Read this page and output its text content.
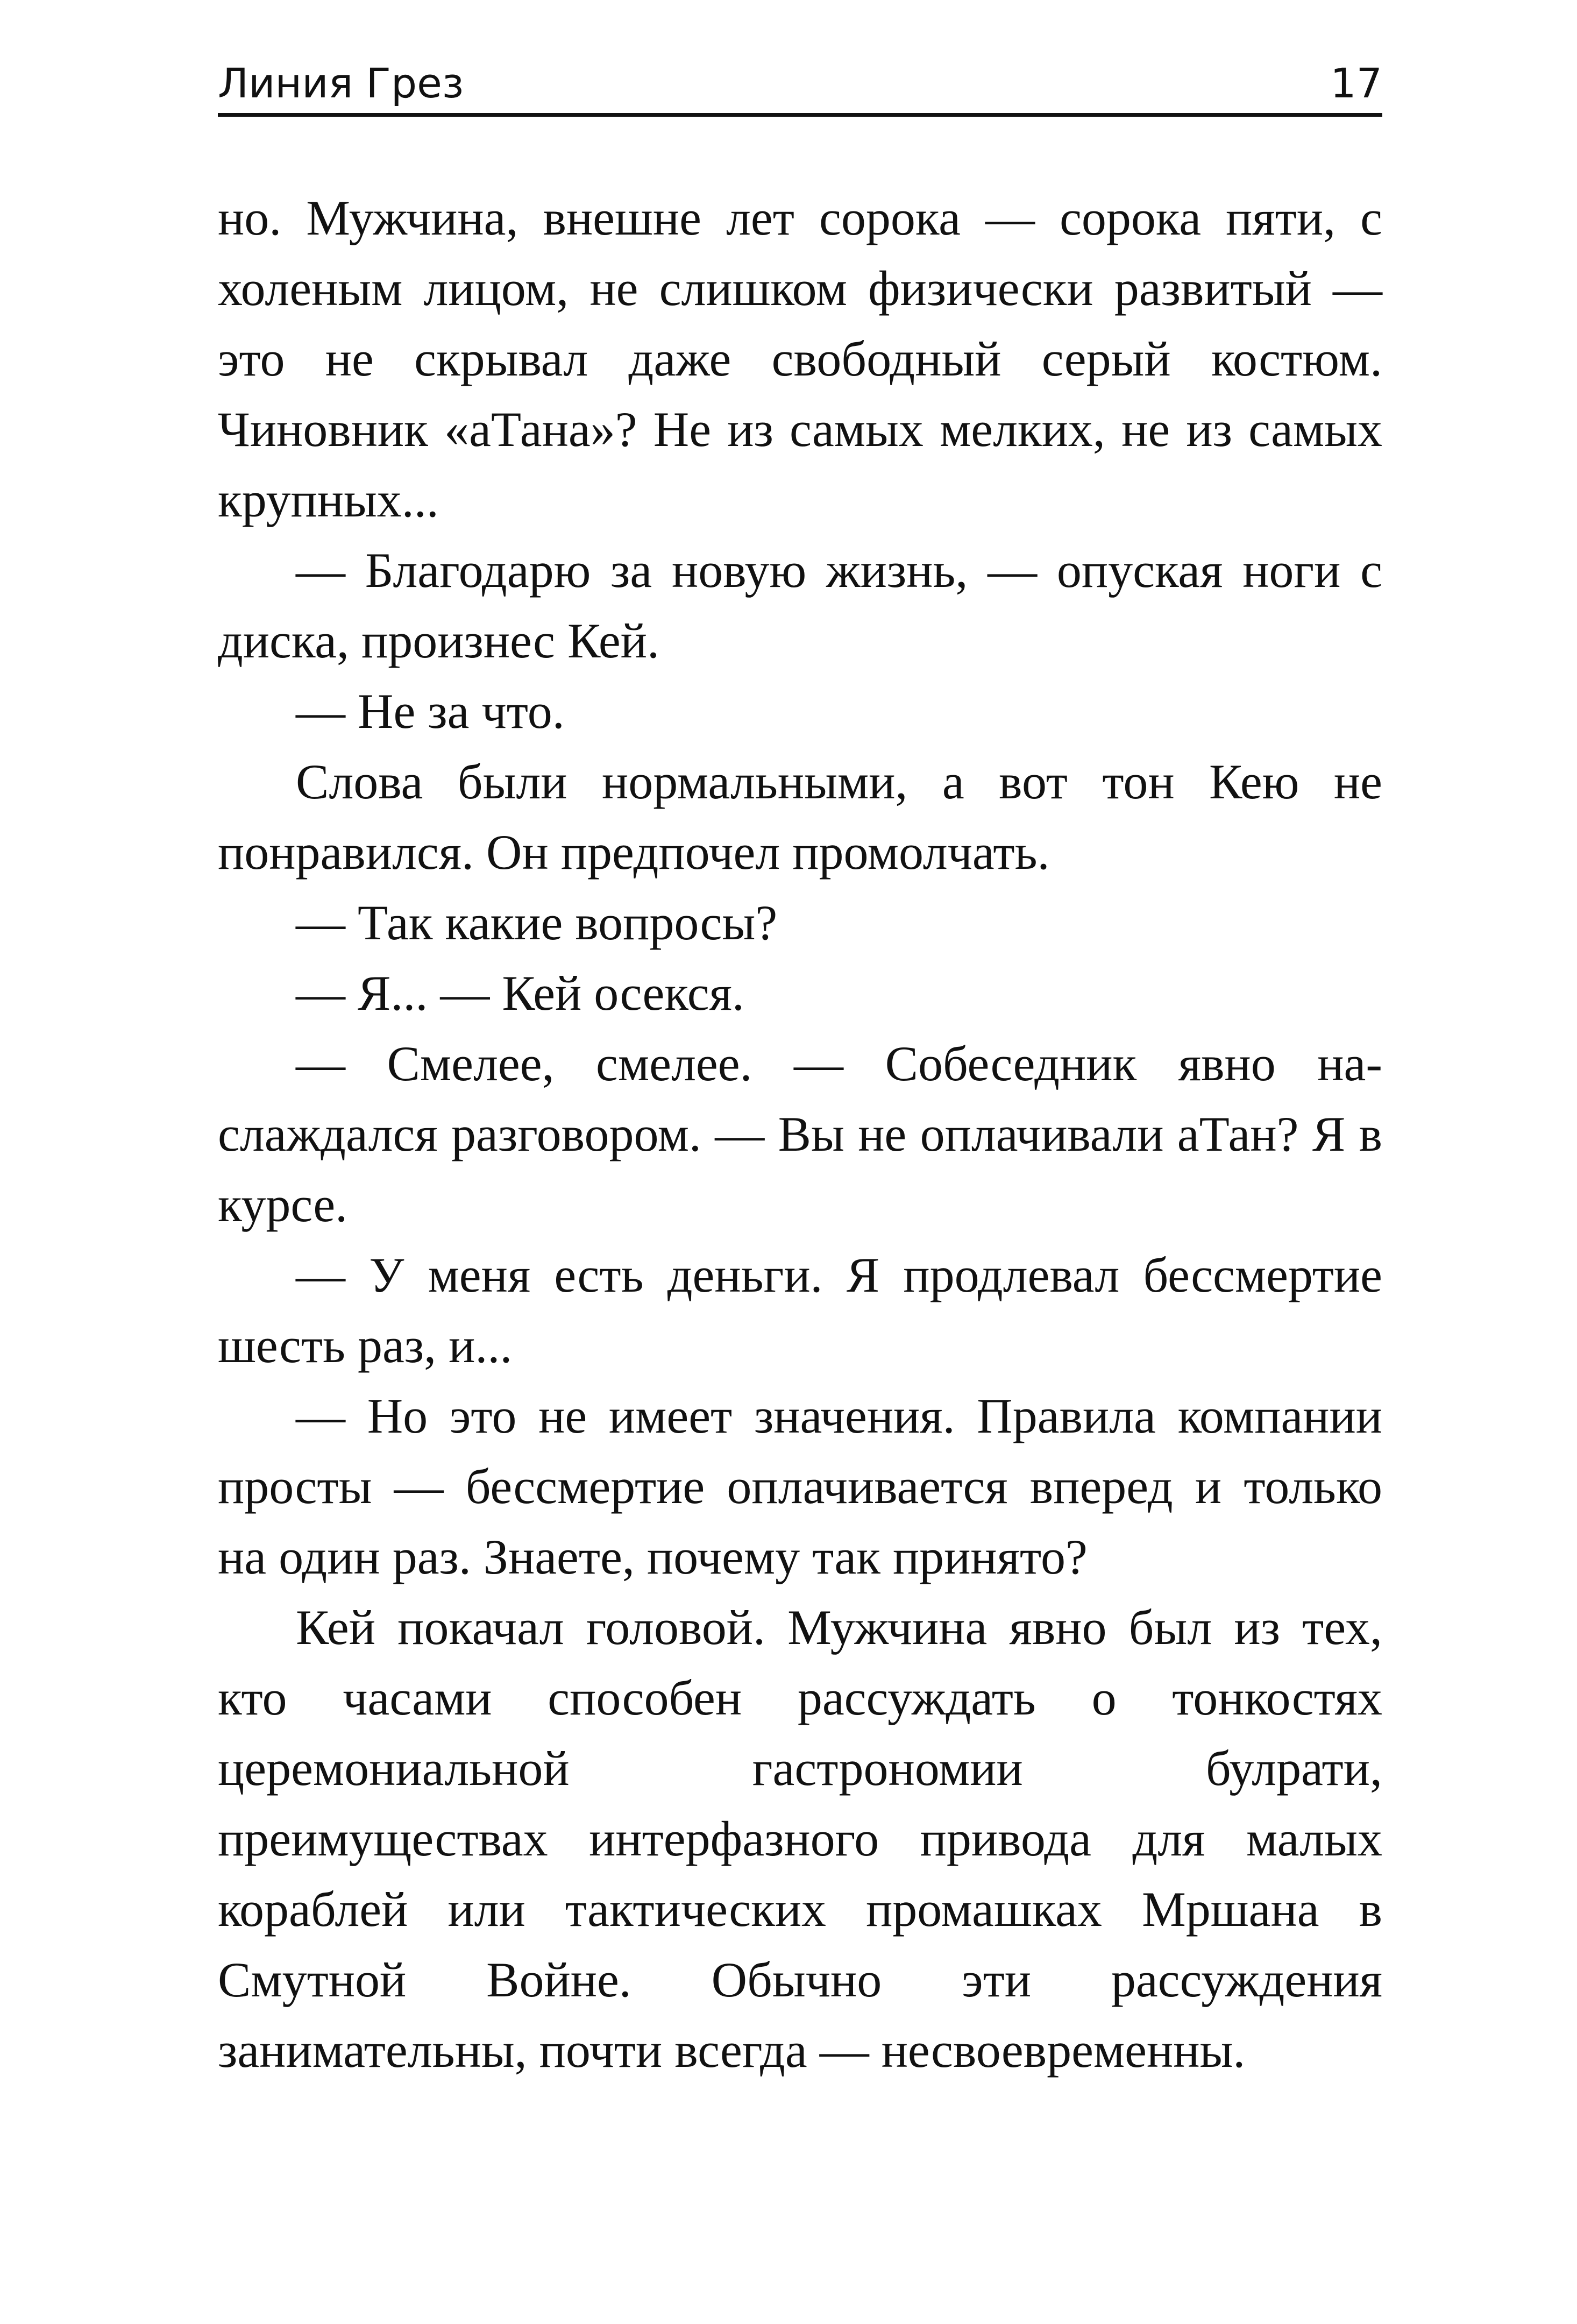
Линия Грез	17

но. Мужчина, внешне лет сорока — сорока пяти, с холеным лицом, не слишком физически развитый — это не скрывал даже свободный серый костюм. Чиновник «аТана»? Не из самых мелких, не из самых крупных...

— Благодарю за новую жизнь, — опуская ноги с диска, произнес Кей.

— Не за что.

Слова были нормальными, а вот тон Кею не понравился. Он предпочел промолчать.

— Так какие вопросы?

— Я... — Кей осекся.

— Смелее, смелее. — Собеседник явно наслаждался разговором. — Вы не оплачивали аТан? Я в курсе.

— У меня есть деньги. Я продлевал бессмертие шесть раз, и...

— Но это не имеет значения. Правила компании просты — бессмертие оплачивается вперед и только на один раз. Знаете, почему так принято?

Кей покачал головой. Мужчина явно был из тех, кто часами способен рассуждать о тонкостях церемониальной гастрономии булрати, преимуществах интерфазного привода для малых кораблей или тактических промашках Мршана в Смутной Войне. Обычно эти рассуждения занимательны, почти всегда — несвоевременны.
